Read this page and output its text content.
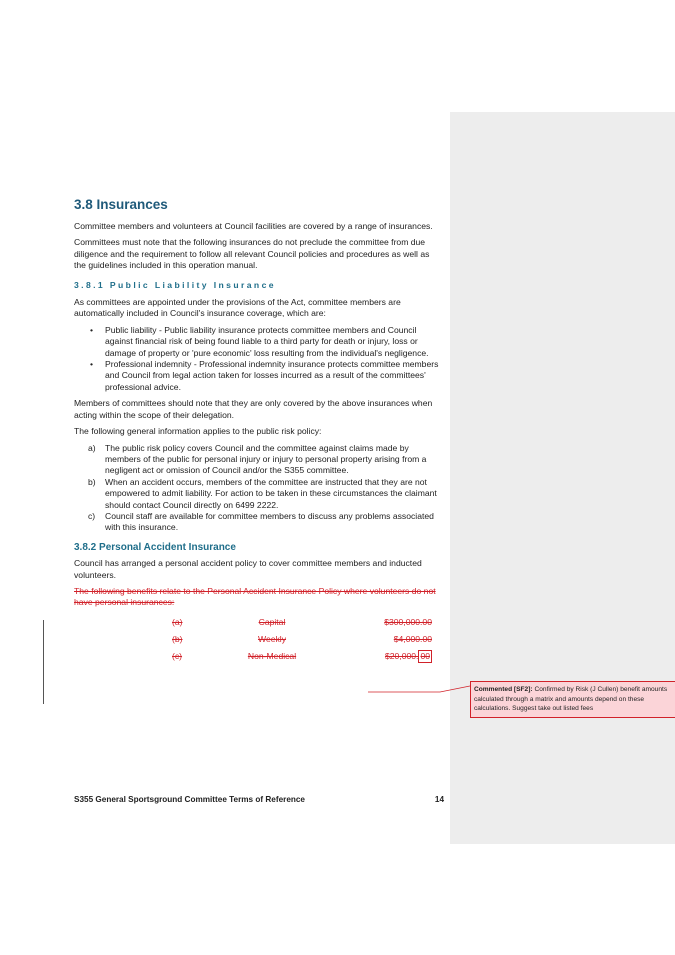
3.8 Insurances

Committee members and volunteers at Council facilities are covered by a range of insurances.

Committees must note that the following insurances do not preclude the committee from due diligence and the requirement to follow all relevant Council policies and procedures as well as the guidelines included in this operation manual.

3.8.1 Public Liability Insurance

As committees are appointed under the provisions of the Act, committee members are automatically included in Council's insurance coverage, which are:

• Public liability - Public liability insurance protects committee members and Council against financial risk of being found liable to a third party for death or injury, loss or damage of property or 'pure economic' loss resulting from the individual's negligence.
• Professional indemnity - Professional indemnity insurance protects committee members and Council from legal action taken for losses incurred as a result of the committees' professional advice.

Members of committees should note that they are only covered by the above insurances when acting within the scope of their delegation.

The following general information applies to the public risk policy:

a) The public risk policy covers Council and the committee against claims made by members of the public for personal injury or injury to personal property arising from a negligent act or omission of Council and/or the S355 committee.
b) When an accident occurs, members of the committee are instructed that they are not empowered to admit liability. For action to be taken in these circumstances the claimant should contact Council directly on 6499 2222.
c) Council staff are available for committee members to discuss any problems associated with this insurance.
3.8.2 Personal Accident Insurance

Council has arranged a personal accident policy to cover committee members and inducted volunteers.

The following benefits relate to the Personal Accident Insurance Policy where volunteers do not have personal insurances:

(a)	Capital	$300,000.00
(b)	Weekly	$4,000.00
(c)	Non-Medical	$20,000. 00
Commented [SF2]: Confirmed by Risk (J Cullen) benefit amounts calculated through a matrix and amounts depend on these calculations. Suggest take out listed fees
S355 General Sportsground Committee Terms of Reference	14
